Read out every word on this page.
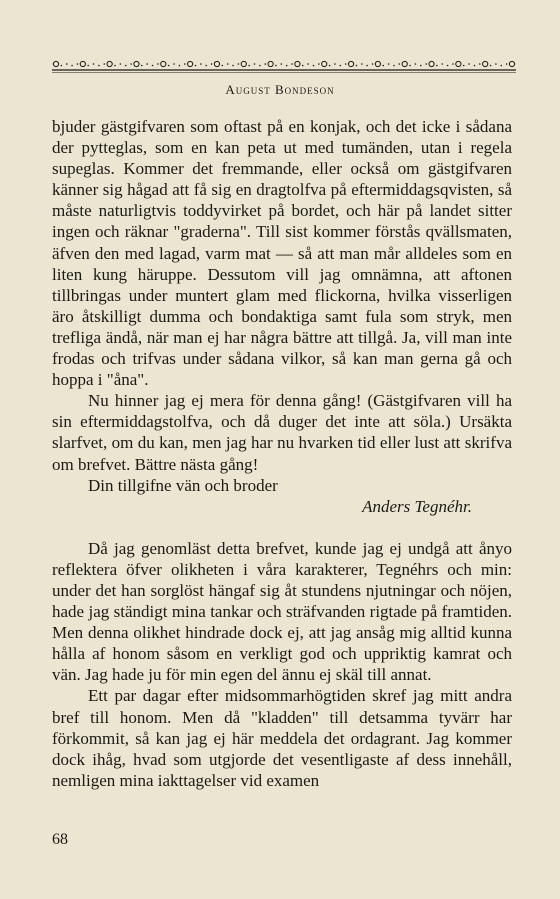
August Bondeson

bjuder gästgifvaren som oftast på en konjak, och det icke i sådana der pytteglas, som en kan peta ut med tumänden, utan i regela supeglas. Kommer det fremmande, eller också om gästgifvaren känner sig hågad att få sig en dragtolfva på eftermiddagsqvisten, så måste naturligtvis toddyvirket på bordet, och här på landet sitter ingen och räknar "graderna". Till sist kommer förstås qvällsmaten, äfven den med lagad, varm mat — så att man mår alldeles som en liten kung häruppe. Dessutom vill jag omnämna, att aftonen tillbringas under muntert glam med flickorna, hvilka visserligen äro åtskilligt dumma och bondaktiga samt fula som stryk, men trefliga ändå, när man ej har några bättre att tillgå. Ja, vill man inte frodas och trifvas under sådana vilkor, så kan man gerna gå och hoppa i "åna".

Nu hinner jag ej mera för denna gång! (Gästgifvaren vill ha sin eftermiddagstolfva, och då duger det inte att söla.) Ursäkta slarfvet, om du kan, men jag har nu hvarken tid eller lust att skrifva om brefvet. Bättre nästa gång!

Din tillgifne vän och broder

Anders Tegnéhr.

Då jag genomläst detta brefvet, kunde jag ej undgå att ånyo reflektera öfver olikheten i våra karakterer, Tegnéhrs och min: under det han sorglöst hängaf sig åt stundens njutningar och nöjen, hade jag ständigt mina tankar och sträfvanden rigtade på framtiden. Men denna olikhet hindrade dock ej, att jag ansåg mig alltid kunna hålla af honom såsom en verkligt god och uppriktig kamrat och vän. Jag hade ju för min egen del ännu ej skäl till annat.

Ett par dagar efter midsommarhögtiden skref jag mitt andra bref till honom. Men då "kladden" till detsamma tyvärr har förkommit, så kan jag ej här meddela det ordagrant. Jag kommer dock ihåg, hvad som utgjorde det vesentligaste af dess innehåll, nemligen mina iakttagelser vid examen

68
